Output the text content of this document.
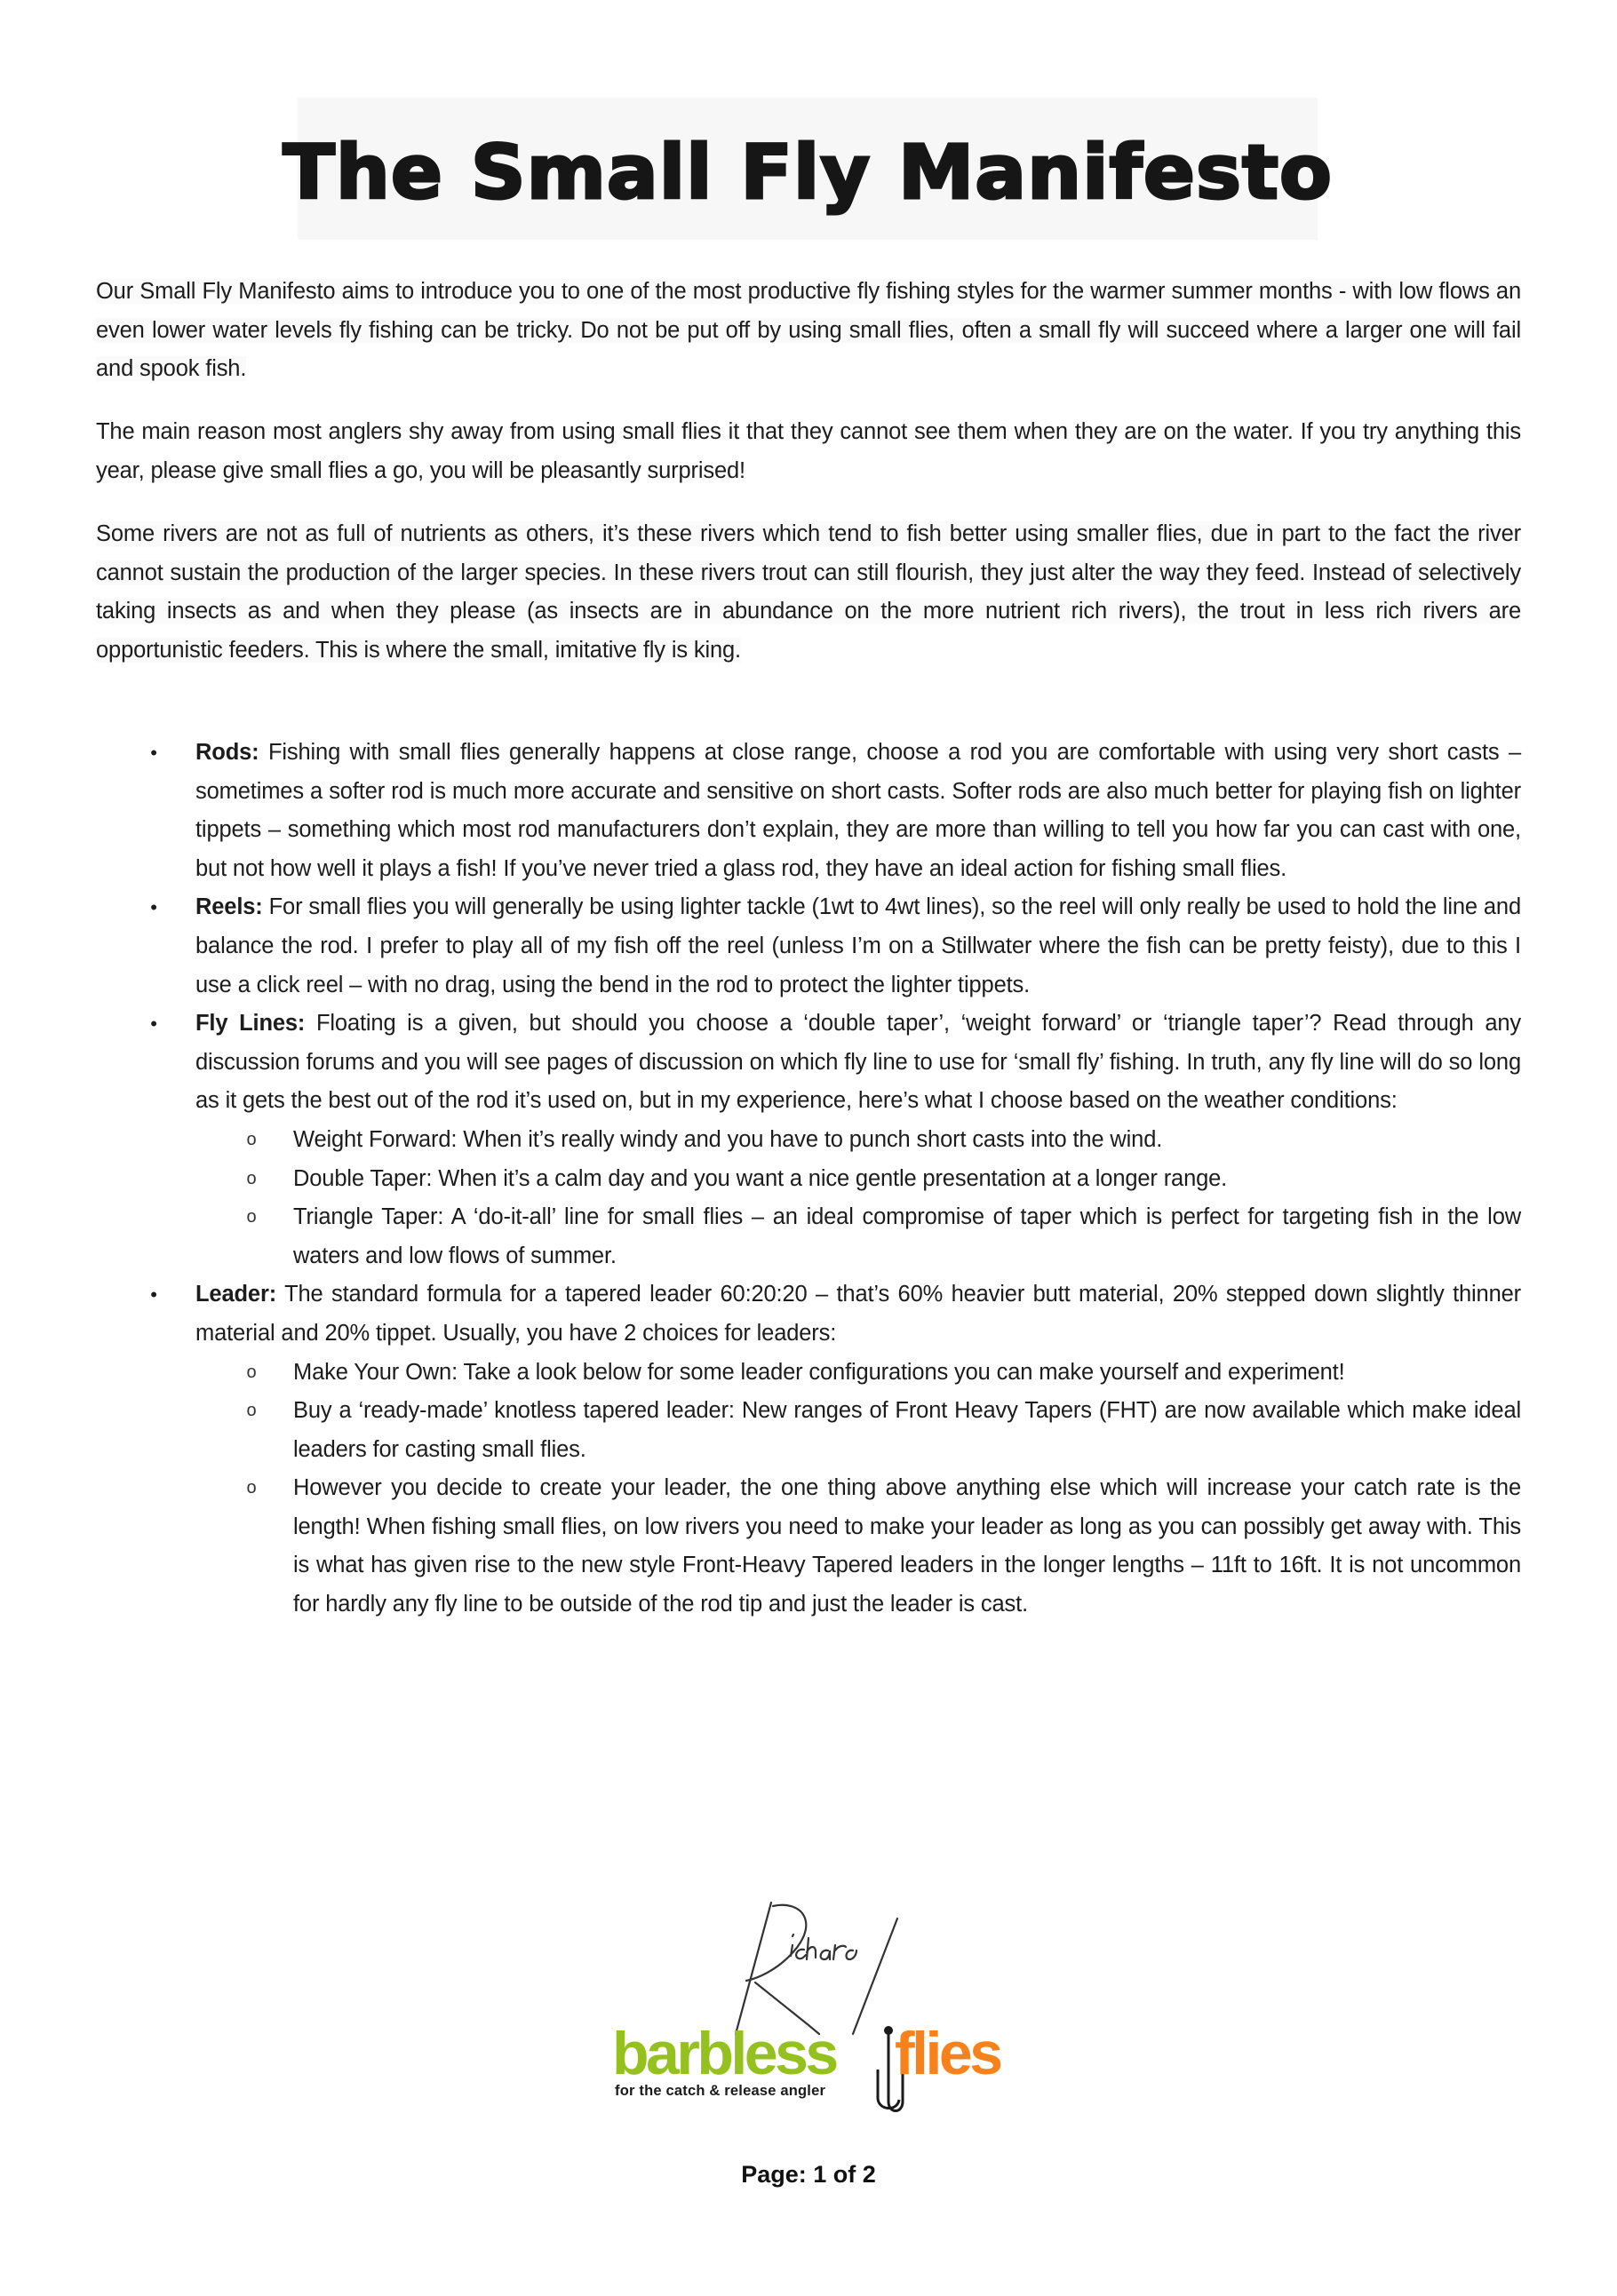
The Small Fly Manifesto
Our Small Fly Manifesto aims to introduce you to one of the most productive fly fishing styles for the warmer summer months - with low flows an even lower water levels fly fishing can be tricky. Do not be put off by using small flies, often a small fly will succeed where a larger one will fail and spook fish.
The main reason most anglers shy away from using small flies it that they cannot see them when they are on the water. If you try anything this year, please give small flies a go, you will be pleasantly surprised!
Some rivers are not as full of nutrients as others, it’s these rivers which tend to fish better using smaller flies, due in part to the fact the river cannot sustain the production of the larger species. In these rivers trout can still flourish, they just alter the way they feed. Instead of selectively taking insects as and when they please (as insects are in abundance on the more nutrient rich rivers), the trout in less rich rivers are opportunistic feeders. This is where the small, imitative fly is king.
• Rods: Fishing with small flies generally happens at close range, choose a rod you are comfortable with using very short casts – sometimes a softer rod is much more accurate and sensitive on short casts. Softer rods are also much better for playing fish on lighter tippets – something which most rod manufacturers don’t explain, they are more than willing to tell you how far you can cast with one, but not how well it plays a fish! If you’ve never tried a glass rod, they have an ideal action for fishing small flies.
• Reels: For small flies you will generally be using lighter tackle (1wt to 4wt lines), so the reel will only really be used to hold the line and balance the rod. I prefer to play all of my fish off the reel (unless I’m on a Stillwater where the fish can be pretty feisty), due to this I use a click reel – with no drag, using the bend in the rod to protect the lighter tippets.
• Fly Lines: Floating is a given, but should you choose a ‘double taper’, ‘weight forward’ or ‘triangle taper’? Read through any discussion forums and you will see pages of discussion on which fly line to use for ‘small fly’ fishing. In truth, any fly line will do so long as it gets the best out of the rod it’s used on, but in my experience, here’s what I choose based on the weather conditions:
o Weight Forward: When it’s really windy and you have to punch short casts into the wind.
o Double Taper: When it’s a calm day and you want a nice gentle presentation at a longer range.
o Triangle Taper: A ‘do-it-all’ line for small flies – an ideal compromise of taper which is perfect for targeting fish in the low waters and low flows of summer.
• Leader: The standard formula for a tapered leader 60:20:20 – that’s 60% heavier butt material, 20% stepped down slightly thinner material and 20% tippet. Usually, you have 2 choices for leaders:
o Make Your Own: Take a look below for some leader configurations you can make yourself and experiment!
o Buy a ‘ready-made’ knotless tapered leader: New ranges of Front Heavy Tapers (FHT) are now available which make ideal leaders for casting small flies.
o However you decide to create your leader, the one thing above anything else which will increase your catch rate is the length! When fishing small flies, on low rivers you need to make your leader as long as you can possibly get away with. This is what has given rise to the new style Front-Heavy Tapered leaders in the longer lengths – 11ft to 16ft. It is not uncommon for hardly any fly line to be outside of the rod tip and just the leader is cast.
barbless flies
for the catch & release angler
Page: 1 of 2
